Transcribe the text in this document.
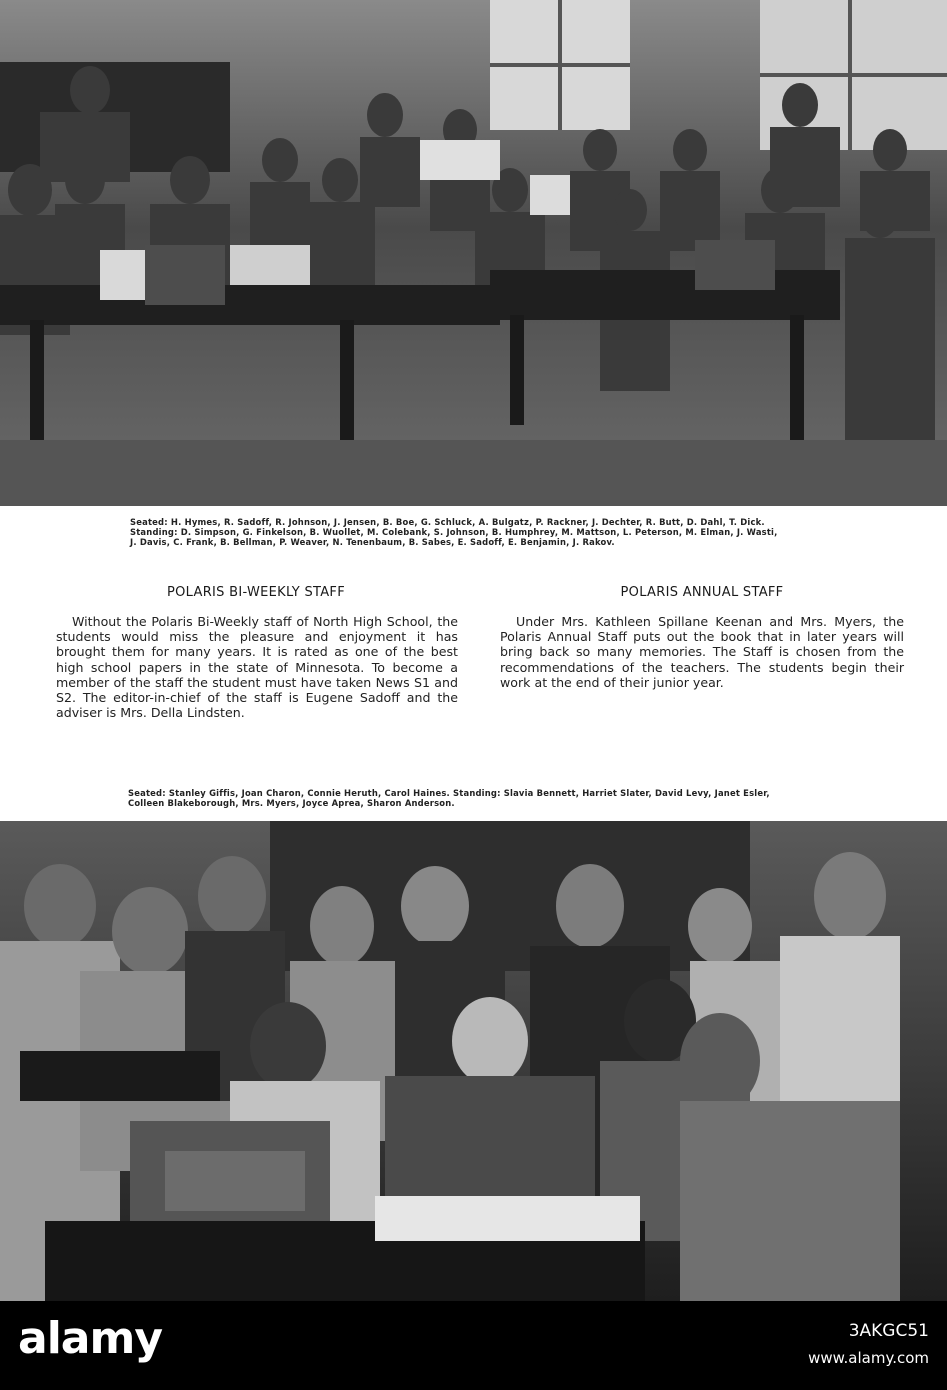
Seated: H. Hymes, R. Sadoff, R. Johnson, J. Jensen, B. Boe, G. Schluck, A. Bulgatz, P. Rackner, J. Dechter, R. Butt, D. Dahl, T. Dick. Standing: D. Simpson, G. Finkelson, B. Wuollet, M. Colebank, S. Johnson, B. Humphrey, M. Mattson, L. Peterson, M. Elman, J. Wasti, J. Davis, C. Frank, B. Bellman, P. Weaver, N. Tenenbaum, B. Sabes, E. Sadoff, E. Benjamin, J. Rakov.
POLARIS BI-WEEKLY STAFF

Without the Polaris Bi-Weekly staff of North High School, the students would miss the pleasure and enjoyment it has brought them for many years. It is rated as one of the best high school papers in the state of Minnesota. To become a member of the staff the student must have taken News S1 and S2. The editor-in-chief of the staff is Eugene Sadoff and the adviser is Mrs. Della Lindsten.

POLARIS ANNUAL STAFF

Under Mrs. Kathleen Spillane Keenan and Mrs. Myers, the Polaris Annual Staff puts out the book that in later years will bring back so many memories. The Staff is chosen from the recommendations of the teachers. The students begin their work at the end of their junior year.

Seated: Stanley Giffis, Joan Charon, Connie Heruth, Carol Haines. Standing: Slavia Bennett, Harriet Slater, David Levy, Janet Esler, Colleen Blakeborough, Mrs. Myers, Joyce Aprea, Sharon Anderson.
alamy	3AKGC51
www.alamy.com
